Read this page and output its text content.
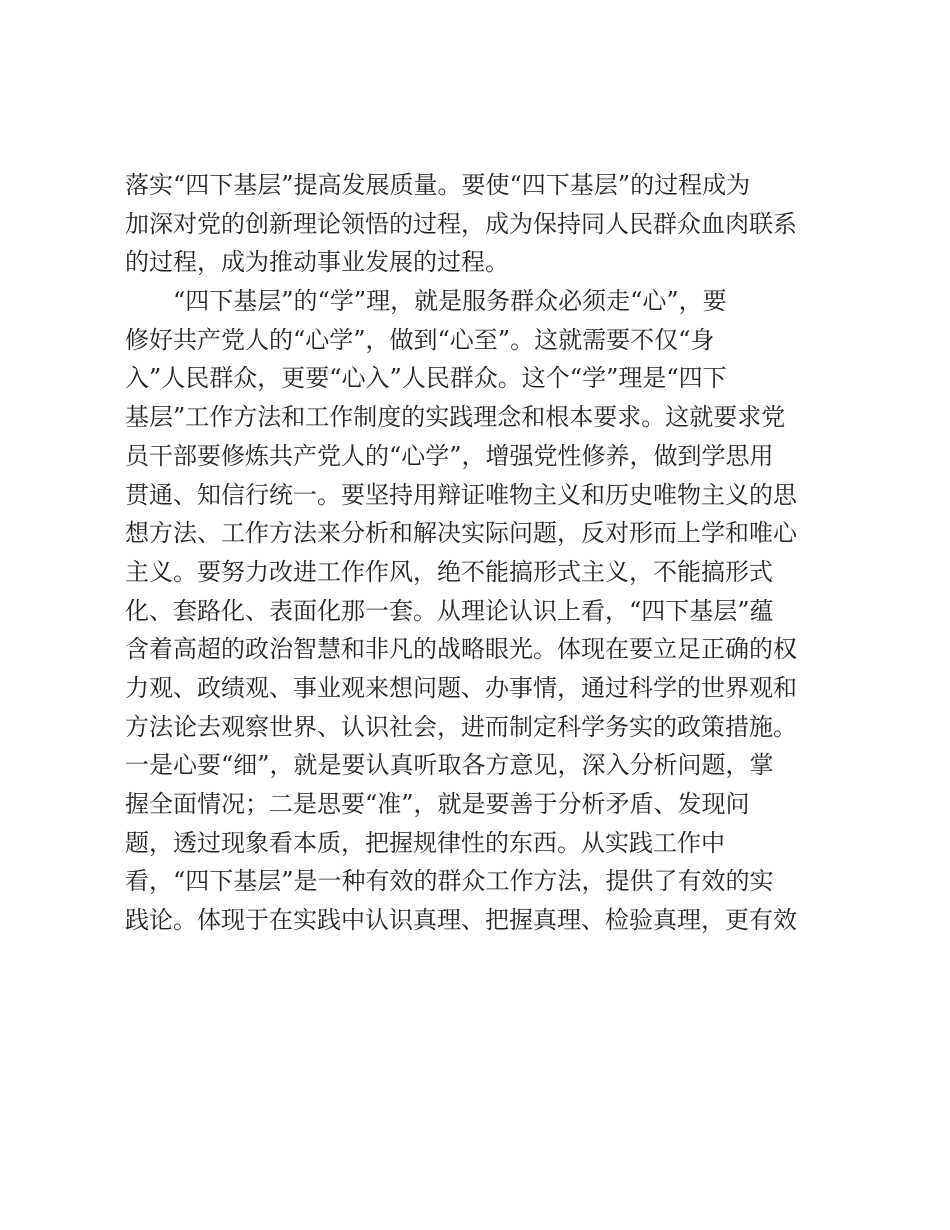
落实“四下基层”提高发展质量。要使“四下基层”的过程成为
加深对党的创新理论领悟的过程，成为保持同人民群众血肉联系
的过程，成为推动事业发展的过程。
“四下基层”的“学”理，就是服务群众必须走“心”，要
修好共产党人的“心学”，做到“心至”。这就需要不仅“身
入”人民群众，更要“心入”人民群众。这个“学”理是“四下
基层”工作方法和工作制度的实践理念和根本要求。这就要求党
员干部要修炼共产党人的“心学”，增强党性修养，做到学思用
贯通、知信行统一。要坚持用辩证唯物主义和历史唯物主义的思
想方法、工作方法来分析和解决实际问题，反对形而上学和唯心
主义。要努力改进工作作风，绝不能搞形式主义，不能搞形式
化、套路化、表面化那一套。从理论认识上看，“四下基层”蕴
含着高超的政治智慧和非凡的战略眼光。体现在要立足正确的权
力观、政绩观、事业观来想问题、办事情，通过科学的世界观和
方法论去观察世界、认识社会，进而制定科学务实的政策措施。
一是心要“细”，就是要认真听取各方意见，深入分析问题，掌
握全面情况；二是思要“准”，就是要善于分析矛盾、发现问
题，透过现象看本质，把握规律性的东西。从实践工作中
看，“四下基层”是一种有效的群众工作方法，提供了有效的实
践论。体现于在实践中认识真理、把握真理、检验真理，更有效
